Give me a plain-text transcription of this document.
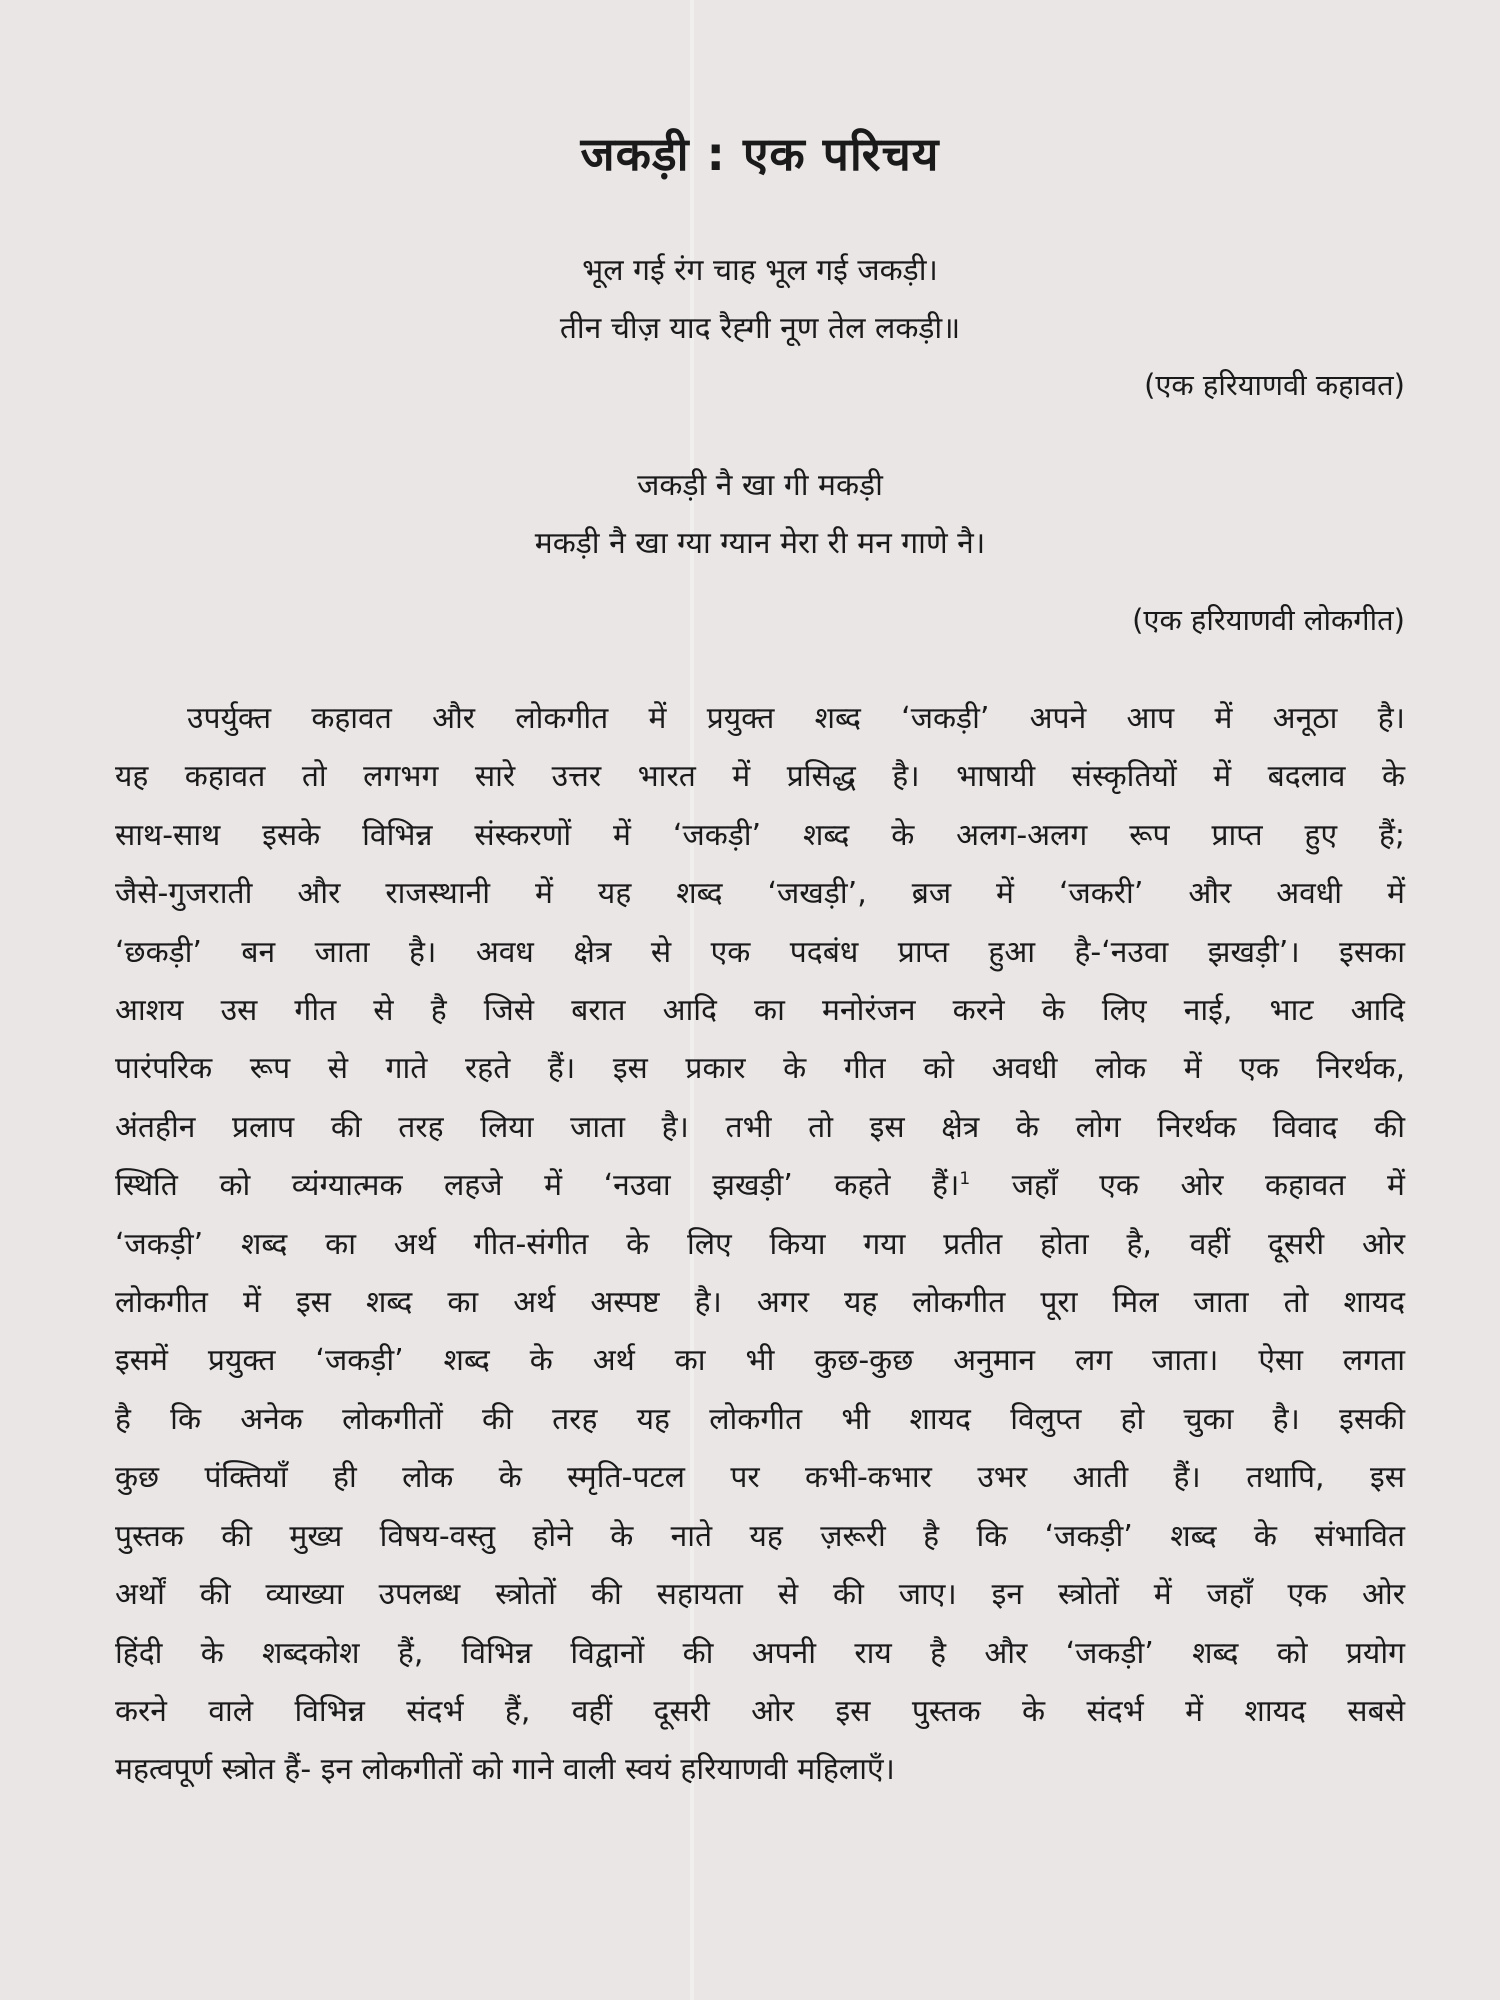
जकड़ी : एक परिचय
भूल गई रंग चाह भूल गई जकड़ी।
तीन चीज़ याद रैह्गी नूण तेल लकड़ी॥
(एक हरियाणवी कहावत)
जकड़ी नै खा गी मकड़ी
मकड़ी नै खा ग्या ग्यान मेरा री मन गाणे नै।
(एक हरियाणवी लोकगीत)
उपर्युक्त कहावत और लोकगीत में प्रयुक्त शब्द ‘जकड़ी’ अपने आप में अनूठा है।
यह कहावत तो लगभग सारे उत्तर भारत में प्रसिद्ध है। भाषायी संस्कृतियों में बदलाव के
साथ-साथ इसके विभिन्न संस्करणों में ‘जकड़ी’ शब्द के अलग-अलग रूप प्राप्त हुए हैं;
जैसे-गुजराती और राजस्थानी में यह शब्द ‘जखड़ी’, ब्रज में ‘जकरी’ और अवधी में
‘छकड़ी’ बन जाता है। अवध क्षेत्र से एक पदबंध प्राप्त हुआ है-‘नउवा झखड़ी’। इसका
आशय उस गीत से है जिसे बरात आदि का मनोरंजन करने के लिए नाई, भाट आदि
पारंपरिक रूप से गाते रहते हैं। इस प्रकार के गीत को अवधी लोक में एक निरर्थक,
अंतहीन प्रलाप की तरह लिया जाता है। तभी तो इस क्षेत्र के लोग निरर्थक विवाद की
स्थिति को व्यंग्यात्मक लहजे में ‘नउवा झखड़ी’ कहते हैं।$^1$ जहाँ एक ओर कहावत में
‘जकड़ी’ शब्द का अर्थ गीत-संगीत के लिए किया गया प्रतीत होता है, वहीं दूसरी ओर
लोकगीत में इस शब्द का अर्थ अस्पष्ट है। अगर यह लोकगीत पूरा मिल जाता तो शायद
इसमें प्रयुक्त ‘जकड़ी’ शब्द के अर्थ का भी कुछ-कुछ अनुमान लग जाता। ऐसा लगता
है कि अनेक लोकगीतों की तरह यह लोकगीत भी शायद विलुप्त हो चुका है। इसकी
कुछ पंक्तियाँ ही लोक के स्मृति-पटल पर कभी-कभार उभर आती हैं। तथापि, इस
पुस्तक की मुख्य विषय-वस्तु होने के नाते यह ज़रूरी है कि ‘जकड़ी’ शब्द के संभावित
अर्थों की व्याख्या उपलब्ध स्त्रोतों की सहायता से की जाए। इन स्त्रोतों में जहाँ एक ओर
हिंदी के शब्दकोश हैं, विभिन्न विद्वानों की अपनी राय है और ‘जकड़ी’ शब्द को प्रयोग
करने वाले विभिन्न संदर्भ हैं, वहीं दूसरी ओर इस पुस्तक के संदर्भ में शायद सबसे
महत्वपूर्ण स्त्रोत हैं- इन लोकगीतों को गाने वाली स्वयं हरियाणवी महिलाएँ।
